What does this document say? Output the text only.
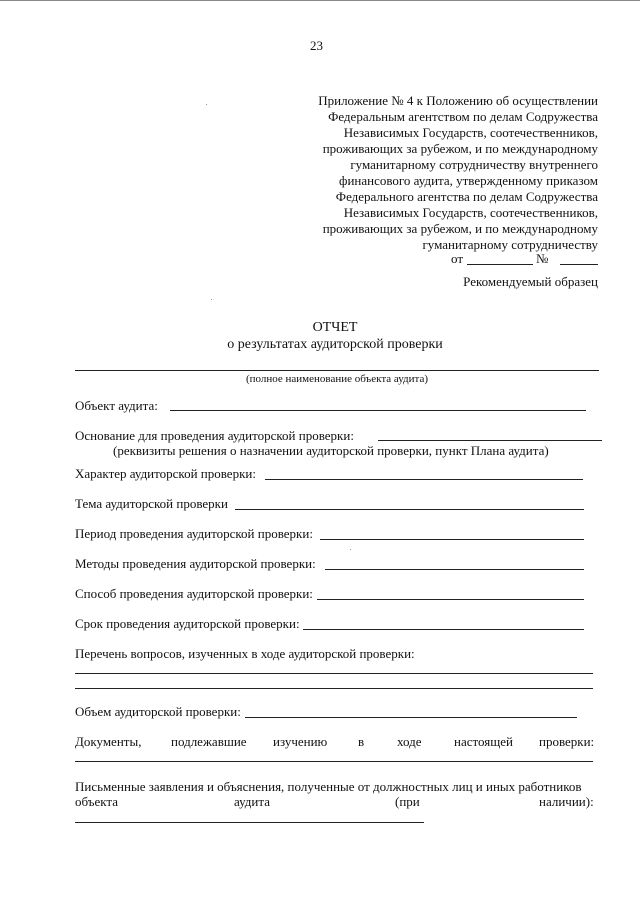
23
Приложение № 4 к Положению об осуществлении
Федеральным агентством по делам Содружества
Независимых Государств, соотечественников,
проживающих за рубежом, и по международному
гуманитарному сотрудничеству внутреннего
финансового аудита, утвержденному приказом
Федерального агентства по делам Содружества
Независимых Государств, соотечественников,
проживающих за рубежом, и по международному
гуманитарному сотрудничеству
от	№
Рекомендуемый образец
ОТЧЕТ
о результатах аудиторской проверки
(полное наименование объекта аудита)
Объект аудита:
Основание для проведения аудиторской проверки:
(реквизиты решения о назначении аудиторской проверки, пункт Плана аудита)
Характер аудиторской проверки:
Тема аудиторской проверки
Период проведения аудиторской проверки:
Методы проведения аудиторской проверки:
Способ проведения аудиторской проверки:
Срок проведения аудиторской проверки:
Перечень вопросов, изученных в ходе аудиторской проверки:
Объем аудиторской проверки:
Документы, подлежавшие изучению в	ходе настоящей проверки:
Письменные заявления и объяснения, полученные от должностных лиц и иных работников
объекта	аудита	(при	наличии):
